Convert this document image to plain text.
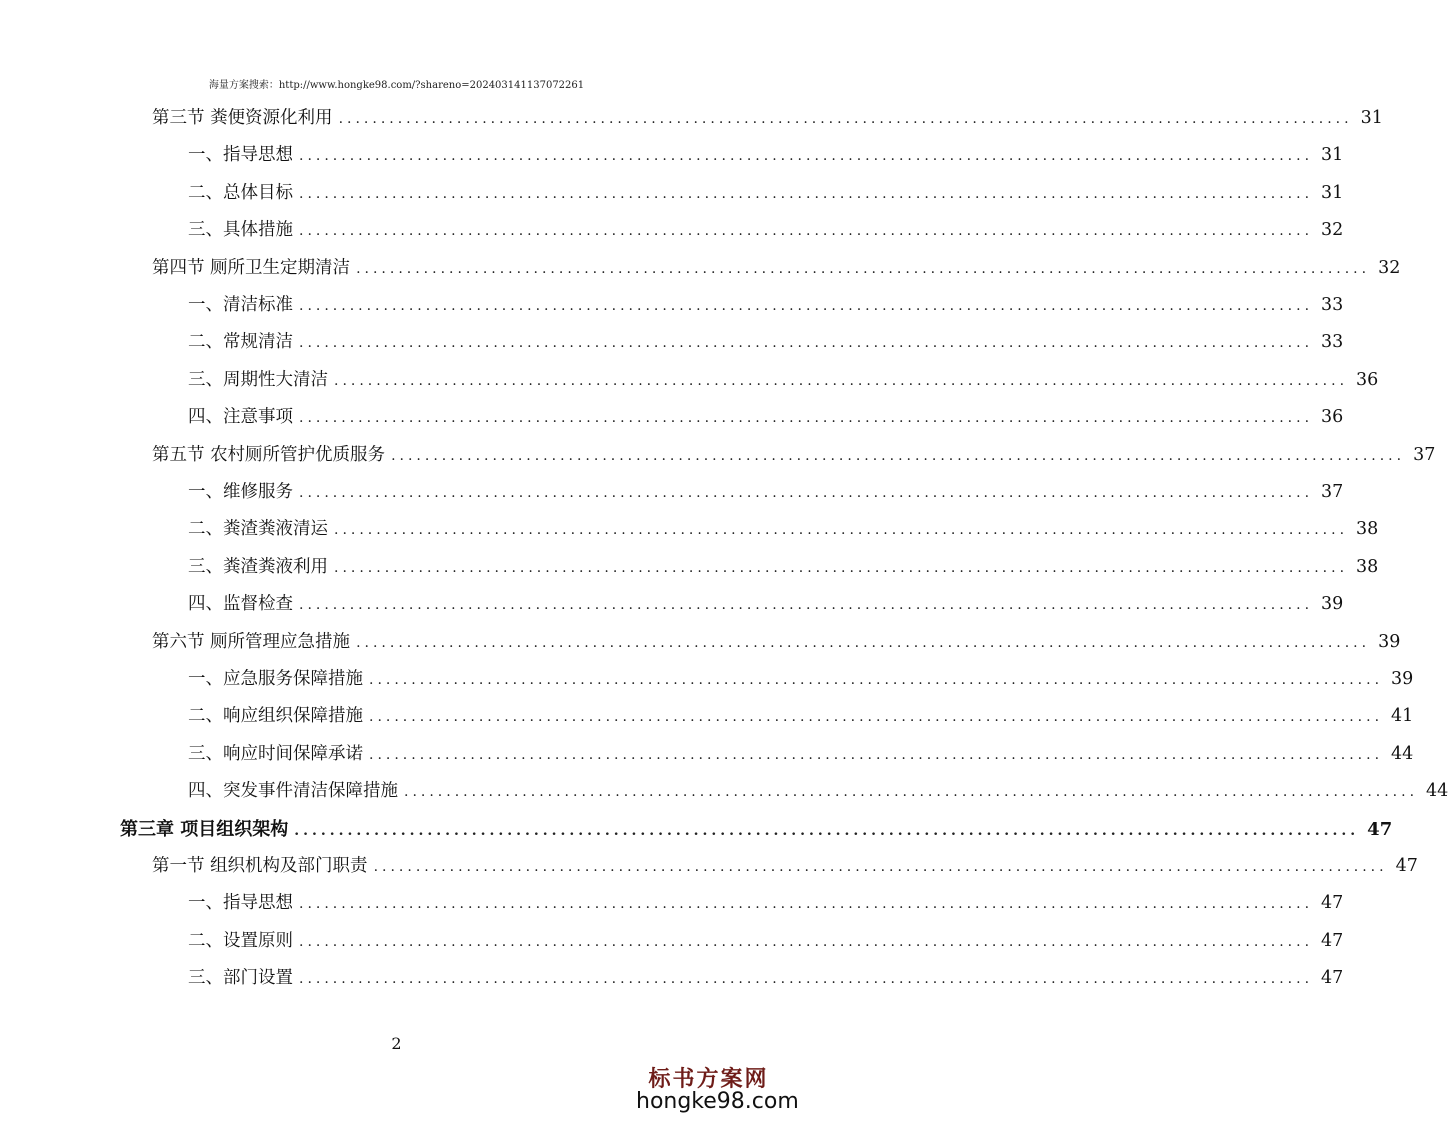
海量方案搜索：http://www.hongke98.com/?shareno=202403141137072261
第三节 粪便资源化利用 ........................................................................................................................ 31
一、指导思想 ........................................................................................................................ 31
二、总体目标 ........................................................................................................................ 31
三、具体措施 ........................................................................................................................ 32
第四节 厕所卫生定期清洁 ........................................................................................................................ 32
一、清洁标准 ........................................................................................................................ 33
二、常规清洁 ........................................................................................................................ 33
三、周期性大清洁 ........................................................................................................................ 36
四、注意事项 ........................................................................................................................ 36
第五节 农村厕所管护优质服务 ........................................................................................................................ 37
一、维修服务 ........................................................................................................................ 37
二、粪渣粪液清运 ........................................................................................................................ 38
三、粪渣粪液利用 ........................................................................................................................ 38
四、监督检查 ........................................................................................................................ 39
第六节 厕所管理应急措施 ........................................................................................................................ 39
一、应急服务保障措施 ........................................................................................................................ 39
二、响应组织保障措施 ........................................................................................................................ 41
三、响应时间保障承诺 ........................................................................................................................ 44
四、突发事件清洁保障措施 ........................................................................................................................ 44
第三章 项目组织架构 ........................................................................................................................ 47
第一节 组织机构及部门职责 ........................................................................................................................ 47
一、指导思想 ........................................................................................................................ 47
二、设置原则 ........................................................................................................................ 47
三、部门设置 ........................................................................................................................ 47
2
标书方案网
hongke98.com
